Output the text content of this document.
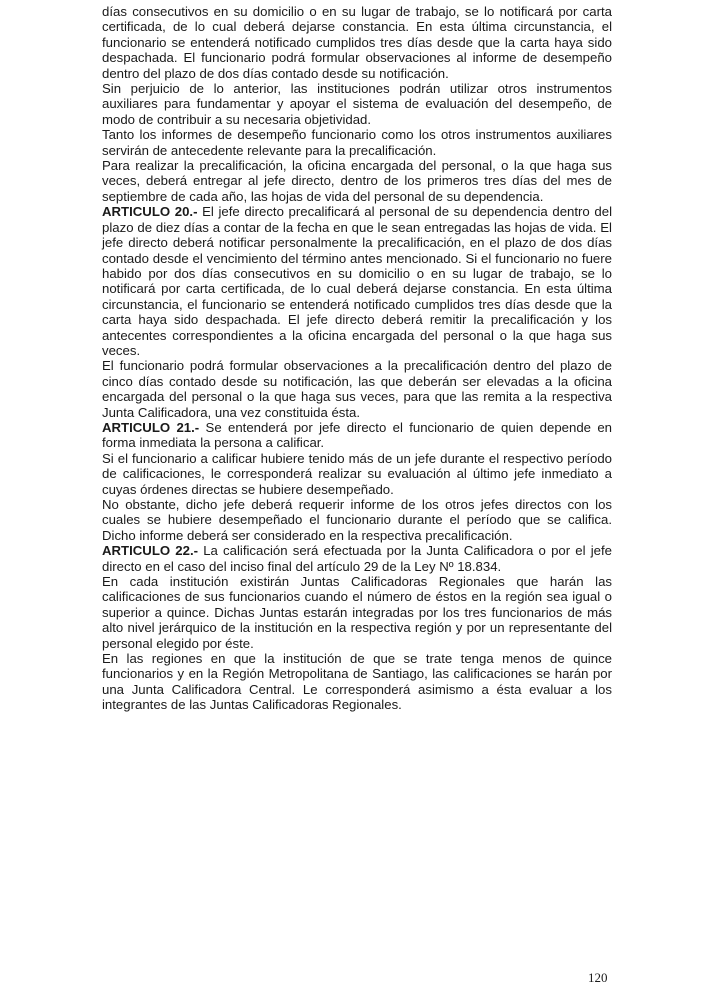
días consecutivos en su domicilio o en su lugar de trabajo, se lo notificará por carta certificada, de lo cual deberá dejarse constancia. En esta última circunstancia, el funcionario se entenderá notificado cumplidos tres días desde que la carta haya sido despachada. El funcionario podrá formular observaciones al informe de desempeño dentro del plazo de dos días contado desde su notificación.

Sin perjuicio de lo anterior, las instituciones podrán utilizar otros instrumentos auxiliares para fundamentar y apoyar el sistema de evaluación del desempeño, de modo de contribuir a su necesaria objetividad.

Tanto los informes de desempeño funcionario como los otros instrumentos auxiliares servirán de antecedente relevante para la precalificación.

Para realizar la precalificación, la oficina encargada del personal, o la que haga sus veces, deberá entregar al jefe directo, dentro de los primeros tres días del mes de septiembre de cada año, las hojas de vida del personal de su dependencia.

ARTICULO 20.- El jefe directo precalificará al personal de su dependencia dentro del plazo de diez días a contar de la fecha en que le sean entregadas las hojas de vida. El jefe directo deberá notificar personalmente la precalificación, en el plazo de dos días contado desde el vencimiento del término antes mencionado. Si el funcionario no fuere habido por dos días consecutivos en su domicilio o en su lugar de trabajo, se lo notificará por carta certificada, de lo cual deberá dejarse constancia. En esta última circunstancia, el funcionario se entenderá notificado cumplidos tres días desde que la carta haya sido despachada. El jefe directo deberá remitir la precalificación y los antecentes correspondientes a la oficina encargada del personal o la que haga sus veces.

El funcionario podrá formular observaciones a la precalificación dentro del plazo de cinco días contado desde su notificación, las que deberán ser elevadas a la oficina encargada del personal o la que haga sus veces, para que las remita a la respectiva Junta Calificadora, una vez constituida ésta.

ARTICULO 21.- Se entenderá por jefe directo el funcionario de quien depende en forma inmediata la persona a calificar.

Si el funcionario a calificar hubiere tenido más de un jefe durante el respectivo período de calificaciones, le corresponderá realizar su evaluación al último jefe inmediato a cuyas órdenes directas se hubiere desempeñado.

No obstante, dicho jefe deberá requerir informe de los otros jefes directos con los cuales se hubiere desempeñado el funcionario durante el período que se califica. Dicho informe deberá ser considerado en la respectiva precalificación.

ARTICULO 22.- La calificación será efectuada por la Junta Calificadora o por el jefe directo en el caso del inciso final del artículo 29 de la Ley Nº 18.834.

En cada institución existirán Juntas Calificadoras Regionales que harán las calificaciones de sus funcionarios cuando el número de éstos en la región sea igual o superior a quince. Dichas Juntas estarán integradas por los tres funcionarios de más alto nivel jerárquico de la institución en la respectiva región y por un representante del personal elegido por éste.

En las regiones en que la institución de que se trate tenga menos de quince funcionarios y en la Región Metropolitana de Santiago, las calificaciones se harán por una Junta Calificadora Central. Le corresponderá asimismo a ésta evaluar a los integrantes de las Juntas Calificadoras Regionales.

120
